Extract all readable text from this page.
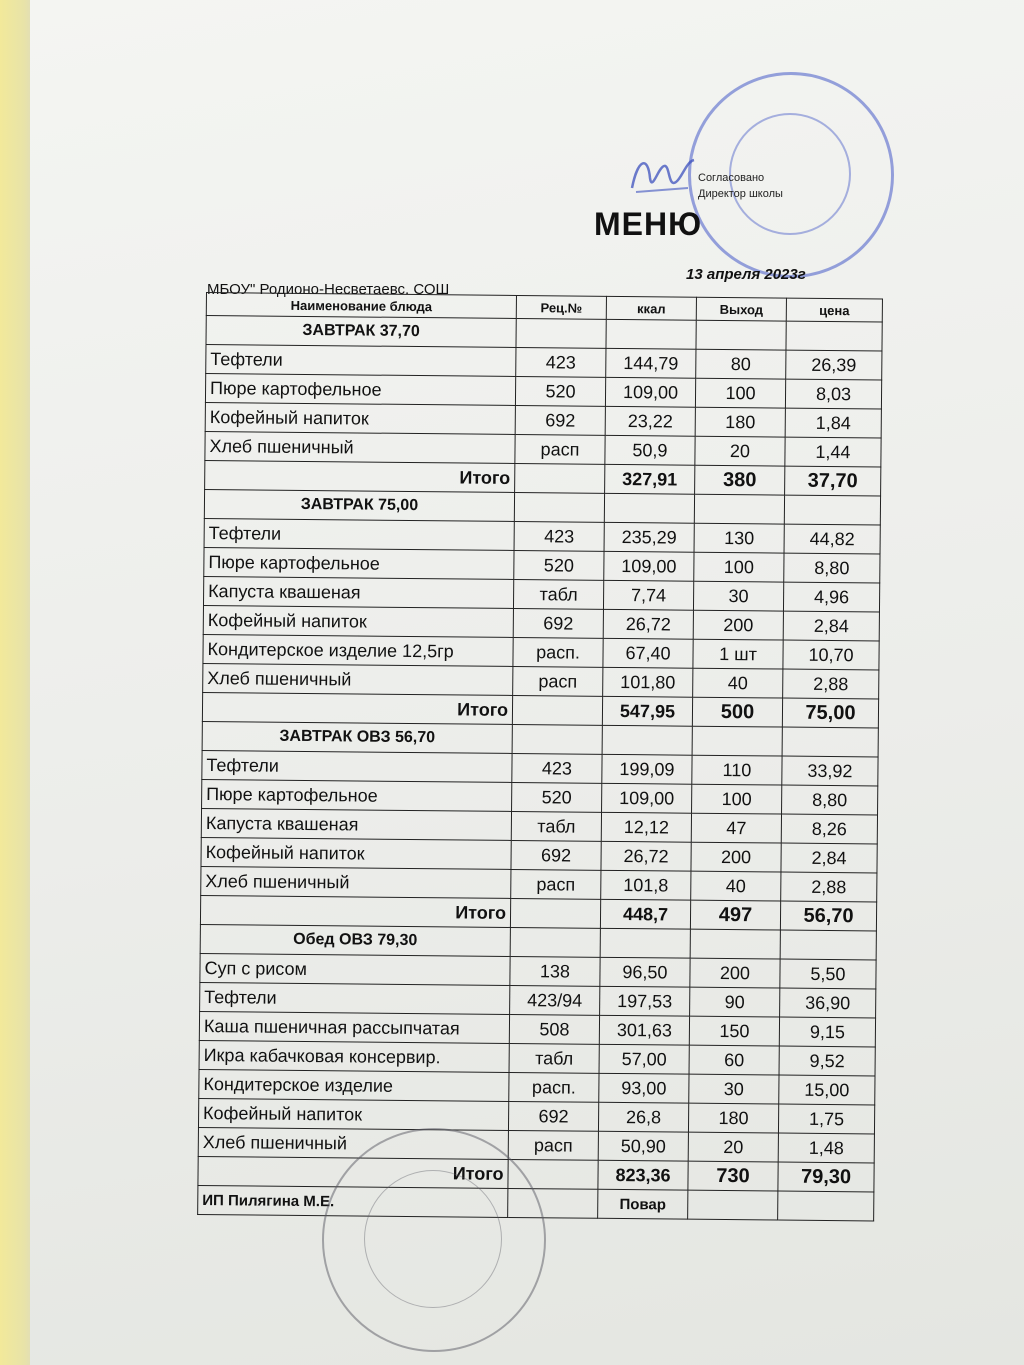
Согласовано
Директор школы
МЕНЮ
МБОУ" Родионо-Несветаевс. СОШ
13 апреля 2023г
Наименование блюда	Рец.№	ккал	Выход	цена
ЗАВТРАК 37,70				
Тефтели	423	144,79	80	26,39
Пюре картофельное	520	109,00	100	8,03
Кофейный напиток	692	23,22	180	1,84
Хлеб пшеничный	расп	50,9	20	1,44
Итого		327,91	380	37,70
ЗАВТРАК 75,00				
Тефтели	423	235,29	130	44,82
Пюре картофельное	520	109,00	100	8,80
Капуста квашеная	табл	7,74	30	4,96
Кофейный напиток	692	26,72	200	2,84
Кондитерское изделие 12,5гр	расп.	67,40	1 шт	10,70
Хлеб пшеничный	расп	101,80	40	2,88
Итого		547,95	500	75,00
ЗАВТРАК ОВЗ 56,70				
Тефтели	423	199,09	110	33,92
Пюре картофельное	520	109,00	100	8,80
Капуста квашеная	табл	12,12	47	8,26
Кофейный напиток	692	26,72	200	2,84
Хлеб пшеничный	расп	101,8	40	2,88
Итого		448,7	497	56,70
Обед ОВЗ 79,30				
Суп с рисом	138	96,50	200	5,50
Тефтели	423/94	197,53	90	36,90
Каша пшеничная рассыпчатая	508	301,63	150	9,15
Икра кабачковая консервир.	табл	57,00	60	9,52
Кондитерское изделие	расп.	93,00	30	15,00
Кофейный напиток	692	26,8	180	1,75
Хлеб пшеничный	расп	50,90	20	1,48
Итого		823,36	730	79,30
ИП Пилягина М.Е.		Повар		
